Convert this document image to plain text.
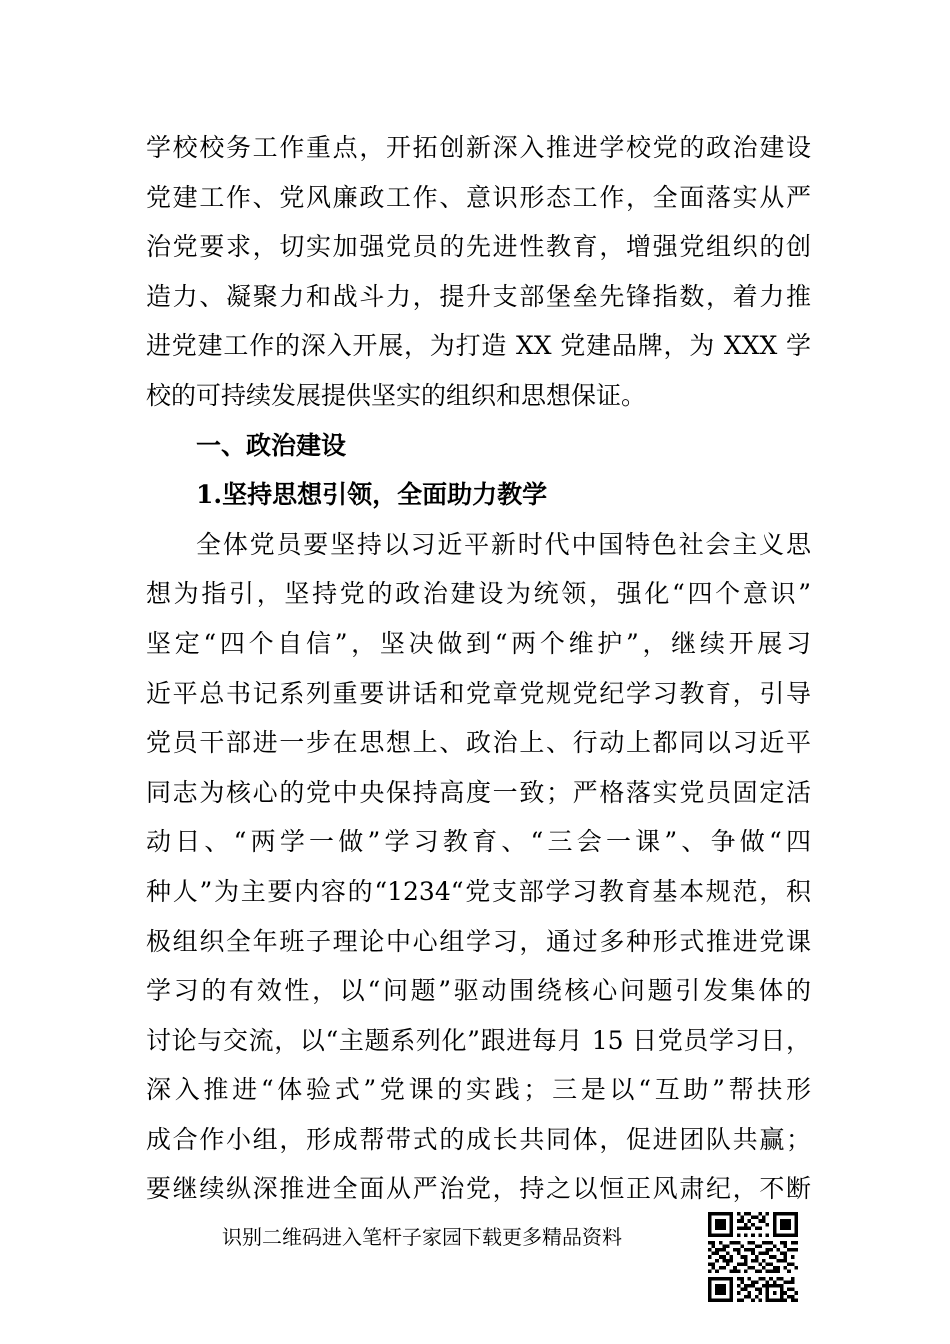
学校校务工作重点，开拓创新深入推进学校党的政治建设
党建工作、党风廉政工作、意识形态工作，全面落实从严
治党要求，切实加强党员的先进性教育，增强党组织的创
造力、凝聚力和战斗力，提升支部堡垒先锋指数，着力推
进党建工作的深入开展，为打造 XX 党建品牌，为 XXX 学
校的可持续发展提供坚实的组织和思想保证。
一、政治建设
1.坚持思想引领，全面助力教学
全体党员要坚持以习近平新时代中国特色社会主义思
想为指引，坚持党的政治建设为统领，强化“四个意识”
坚定“四个自信”，坚决做到“两个维护”，继续开展习
近平总书记系列重要讲话和党章党规党纪学习教育，引导
党员干部进一步在思想上、政治上、行动上都同以习近平
同志为核心的党中央保持高度一致；严格落实党员固定活
动日、“两学一做”学习教育、“三会一课”、争做“四
种人”为主要内容的“1234“党支部学习教育基本规范，积
极组织全年班子理论中心组学习，通过多种形式推进党课
学习的有效性，以“问题”驱动围绕核心问题引发集体的
讨论与交流，以“主题系列化”跟进每月 15 日党员学习日，
深入推进“体验式”党课的实践；三是以“互助”帮扶形
成合作小组，形成帮带式的成长共同体，促进团队共赢；
要继续纵深推进全面从严治党，持之以恒正风肃纪，不断
识别二维码进入笔杆子家园下载更多精品资料
